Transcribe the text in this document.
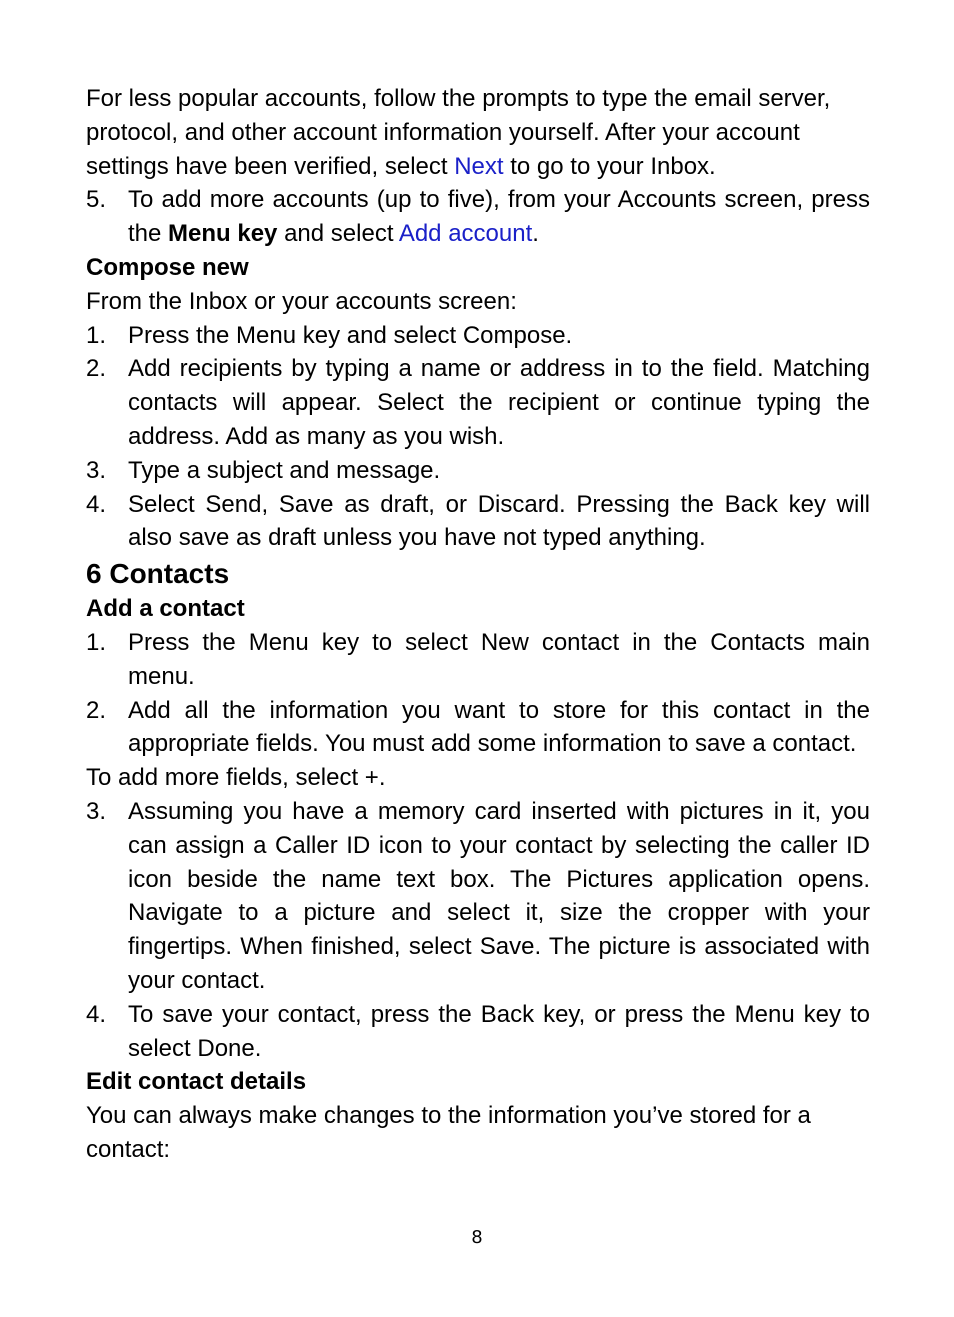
For less popular accounts, follow the prompts to type the email server, protocol, and other account information yourself. After your account settings have been verified, select Next to go to your Inbox.

5. To add more accounts (up to five), from your Accounts screen, press the Menu key and select Add account.

Compose new

From the Inbox or your accounts screen:

1. Press the Menu key and select Compose.
2. Add recipients by typing a name or address in to the field. Matching contacts will appear. Select the recipient or continue typing the address. Add as many as you wish.
3. Type a subject and message.
4. Select Send, Save as draft, or Discard. Pressing the Back key will also save as draft unless you have not typed anything.

6 Contacts

Add a contact

1. Press the Menu key to select New contact in the Contacts main menu.
2. Add all the information you want to store for this contact in the appropriate fields. You must add some information to save a contact.

To add more fields, select +.

3. Assuming you have a memory card inserted with pictures in it, you can assign a Caller ID icon to your contact by selecting the caller ID icon beside the name text box. The Pictures application opens. Navigate to a picture and select it, size the cropper with your fingertips. When finished, select Save. The picture is associated with your contact.
4. To save your contact, press the Back key, or press the Menu key to select Done.

Edit contact details

You can always make changes to the information you’ve stored for a contact:

8
